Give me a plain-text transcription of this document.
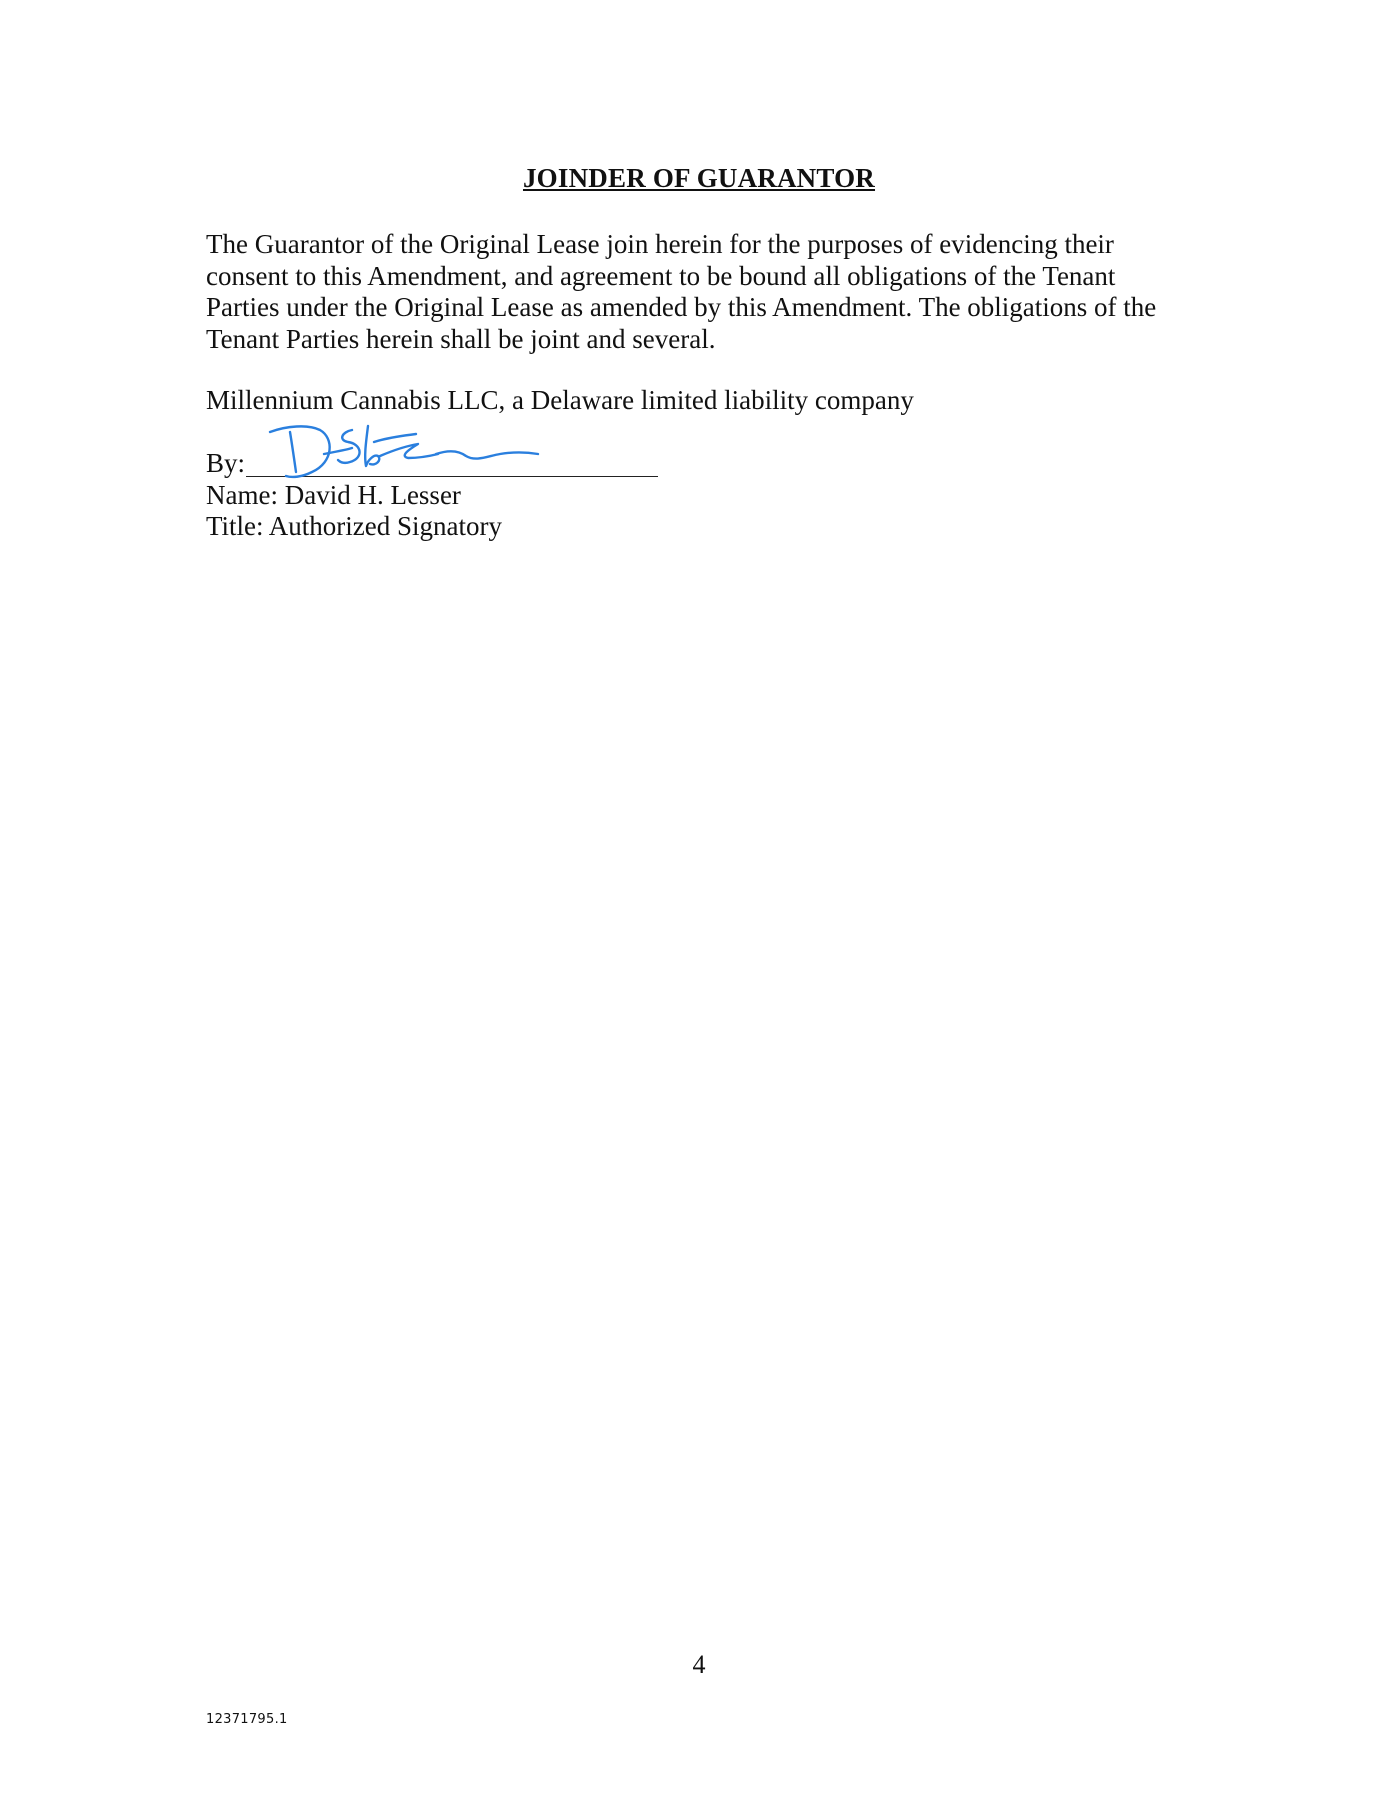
JOINDER OF GUARANTOR

The Guarantor of the Original Lease join herein for the purposes of evidencing their

consent to this Amendment, and agreement to be bound all obligations of the Tenant

Parties under the Original Lease as amended by this Amendment. The obligations of the

Tenant Parties herein shall be joint and several.

Millennium Cannabis LLC, a Delaware limited liability company
By:
Name: David H. Lesser
Title: Authorized Signatory
4
12371795.1
